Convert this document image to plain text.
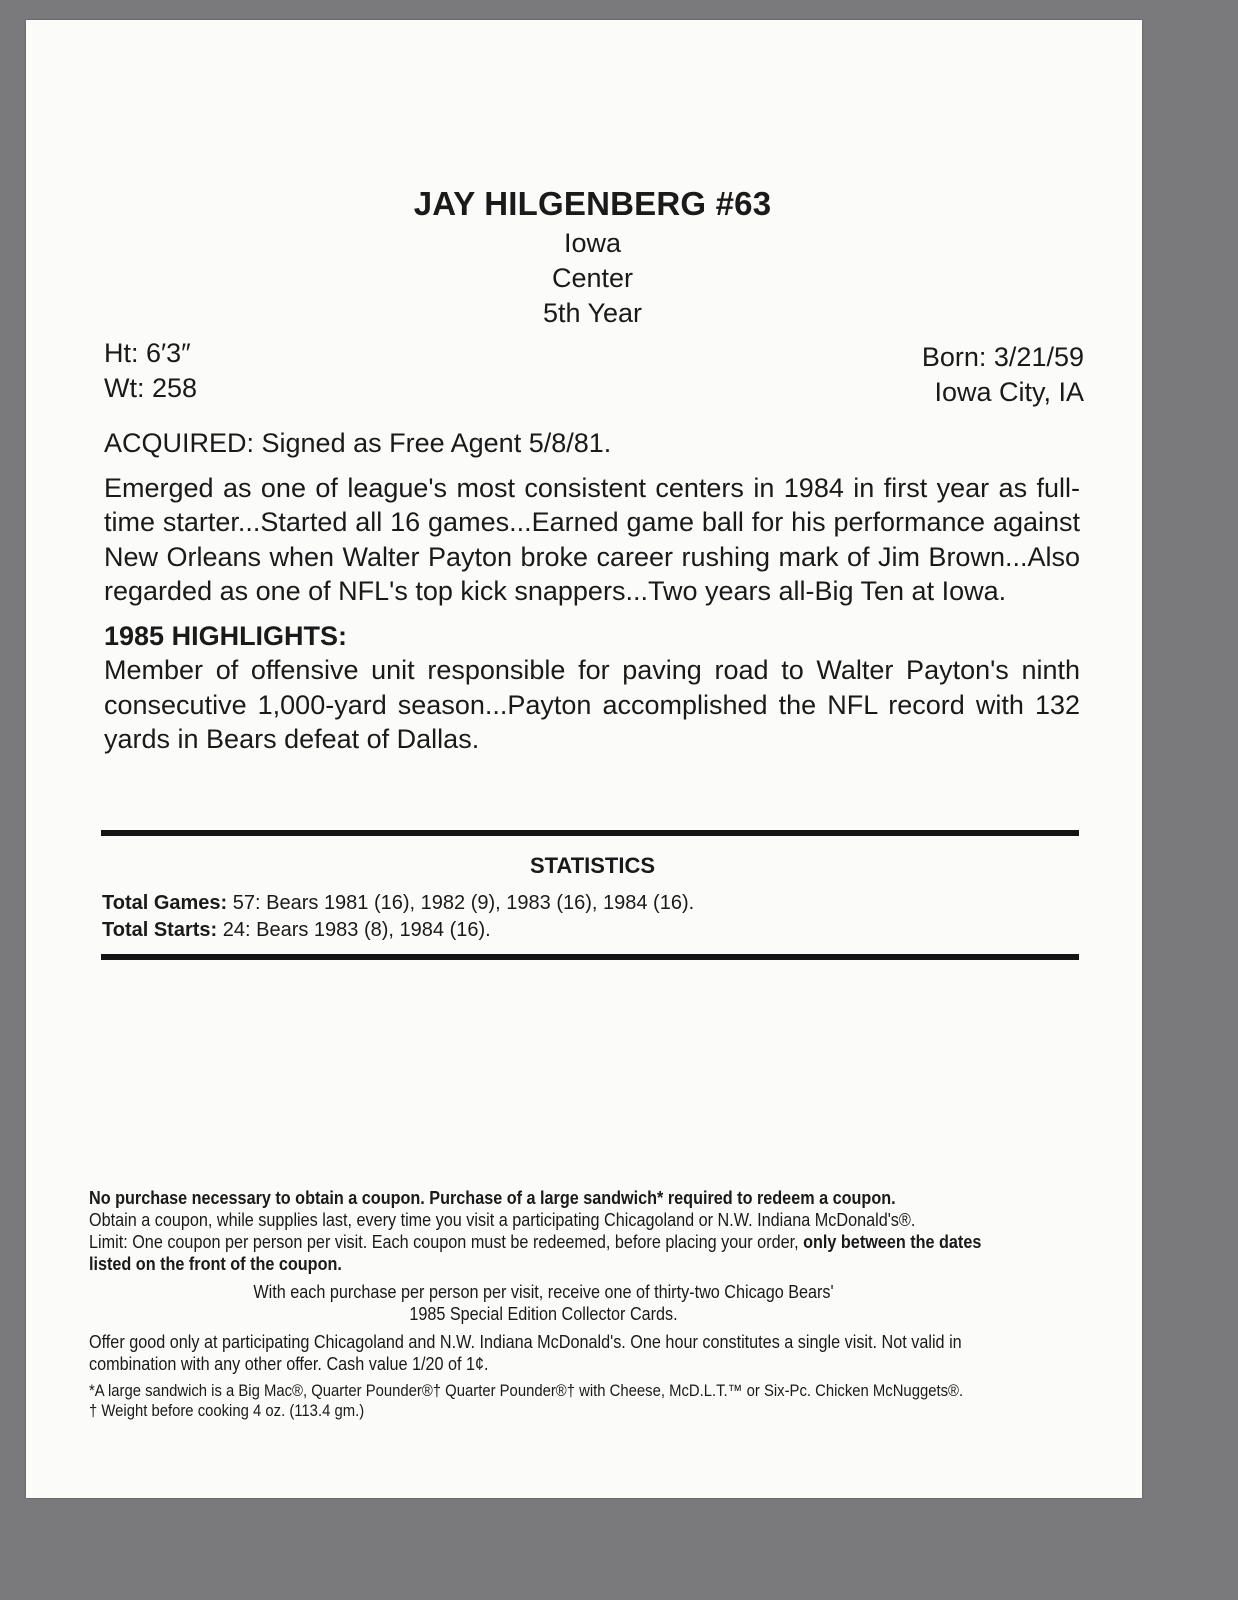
JAY HILGENBERG #63
Iowa
Center
5th Year
Ht: 6′3″
Wt: 258
Born: 3/21/59
Iowa City, IA

ACQUIRED: Signed as Free Agent 5/8/81.

Emerged as one of league's most consistent centers in 1984 in first year as full-time starter...Started all 16 games...Earned game ball for his performance against New Orleans when Walter Payton broke career rushing mark of Jim Brown...Also regarded as one of NFL's top kick snappers...Two years all-Big Ten at Iowa.

1985 HIGHLIGHTS:

Member of offensive unit responsible for paving road to Walter Payton's ninth consecutive 1,000-yard season...Payton accomplished the NFL record with 132 yards in Bears defeat of Dallas.

STATISTICS
Total Games: 57: Bears 1981 (16), 1982 (9), 1983 (16), 1984 (16).
Total Starts: 24: Bears 1983 (8), 1984 (16).

No purchase necessary to obtain a coupon. Purchase of a large sandwich* required to redeem a coupon.

Obtain a coupon, while supplies last, every time you visit a participating Chicagoland or N.W. Indiana McDonald's®.

Limit: One coupon per person per visit. Each coupon must be redeemed, before placing your order, only between the dates listed on the front of the coupon.

With each purchase per person per visit, receive one of thirty-two Chicago Bears'

1985 Special Edition Collector Cards.

Offer good only at participating Chicagoland and N.W. Indiana McDonald's. One hour constitutes a single visit. Not valid in combination with any other offer. Cash value 1/20 of 1¢.

*A large sandwich is a Big Mac®, Quarter Pounder®† Quarter Pounder®† with Cheese, McD.L.T.™ or Six-Pc. Chicken McNuggets®.

† Weight before cooking 4 oz. (113.4 gm.)
